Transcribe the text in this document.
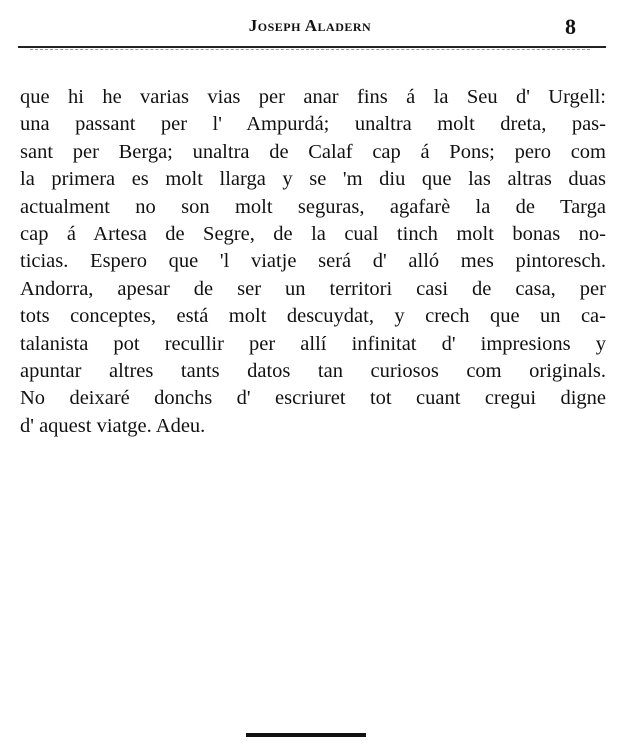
Joseph Aladern	8
que hi he varias vias per anar fins á la Seu d' Urgell:
una passant per l' Ampurdá; unaltra molt dreta, pas-
sant per Berga; unaltra de Calaf cap á Pons; pero com
la primera es molt llarga y se 'm diu que las altras duas
actualment no son molt seguras, agafarè la de Targa
cap á Artesa de Segre, de la cual tinch molt bonas no-
ticias. Espero que 'l viatje será d' alló mes pintoresch.
Andorra, apesar de ser un territori casi de casa, per
tots conceptes, está molt descuydat, y crech que un ca-
talanista pot recullir per allí infinitat d' impresions y
apuntar altres tants datos tan curiosos com originals.
No deixaré donchs d' escriuret tot cuant cregui digne
d' aquest viatge. Adeu.
